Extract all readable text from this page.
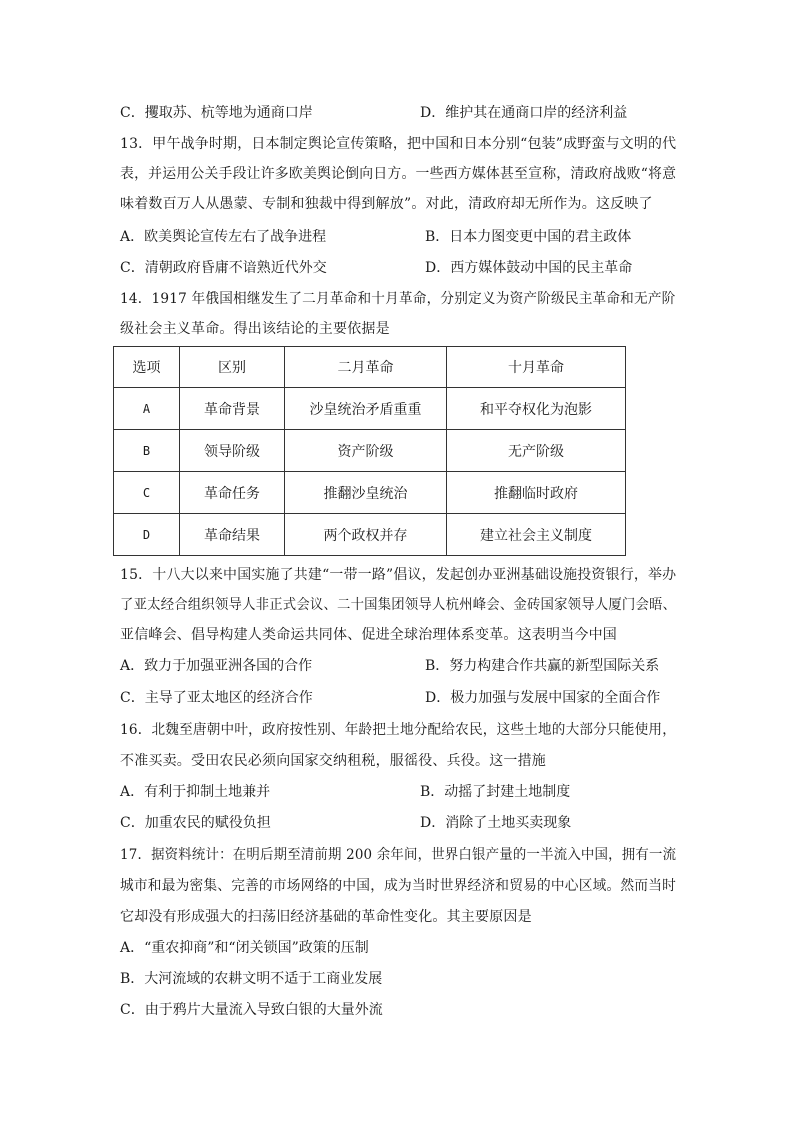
C．攫取苏、杭等地为通商口岸	D．维护其在通商口岸的经济利益
13．甲午战争时期，日本制定舆论宣传策略，把中国和日本分别“包装”成野蛮与文明的代
表，并运用公关手段让许多欧美舆论倒向日方。一些西方媒体甚至宣称，清政府战败“将意
味着数百万人从愚蒙、专制和独裁中得到解放”。对此，清政府却无所作为。这反映了
A．欧美舆论宣传左右了战争进程	B．日本力图变更中国的君主政体
C．清朝政府昏庸不谙熟近代外交	D．西方媒体鼓动中国的民主革命
14．1917 年俄国相继发生了二月革命和十月革命，分别定义为资产阶级民主革命和无产阶
级社会主义革命。得出该结论的主要依据是
选项	区别	二月革命	十月革命
A	革命背景	沙皇统治矛盾重重	和平夺权化为泡影
B	领导阶级	资产阶级	无产阶级
C	革命任务	推翻沙皇统治	推翻临时政府
D	革命结果	两个政权并存	建立社会主义制度
15．十八大以来中国实施了共建“一带一路”倡议，发起创办亚洲基础设施投资银行，举办
了亚太经合组织领导人非正式会议、二十国集团领导人杭州峰会、金砖国家领导人厦门会晤、
亚信峰会、倡导构建人类命运共同体、促进全球治理体系变革。这表明当今中国
A．致力于加强亚洲各国的合作	B．努力构建合作共赢的新型国际关系
C．主导了亚太地区的经济合作	D．极力加强与发展中国家的全面合作
16．北魏至唐朝中叶，政府按性别、年龄把土地分配给农民，这些土地的大部分只能使用，
不准买卖。受田农民必须向国家交纳租税，服徭役、兵役。这一措施
A．有利于抑制土地兼并	B．动摇了封建土地制度
C．加重农民的赋役负担	D．消除了土地买卖现象
17．据资料统计：在明后期至清前期 200 余年间，世界白银产量的一半流入中国，拥有一流
城市和最为密集、完善的市场网络的中国，成为当时世界经济和贸易的中心区域。然而当时
它却没有形成强大的扫荡旧经济基础的革命性变化。其主要原因是
A．“重农抑商”和“闭关锁国”政策的压制
B．大河流域的农耕文明不适于工商业发展
C．由于鸦片大量流入导致白银的大量外流
